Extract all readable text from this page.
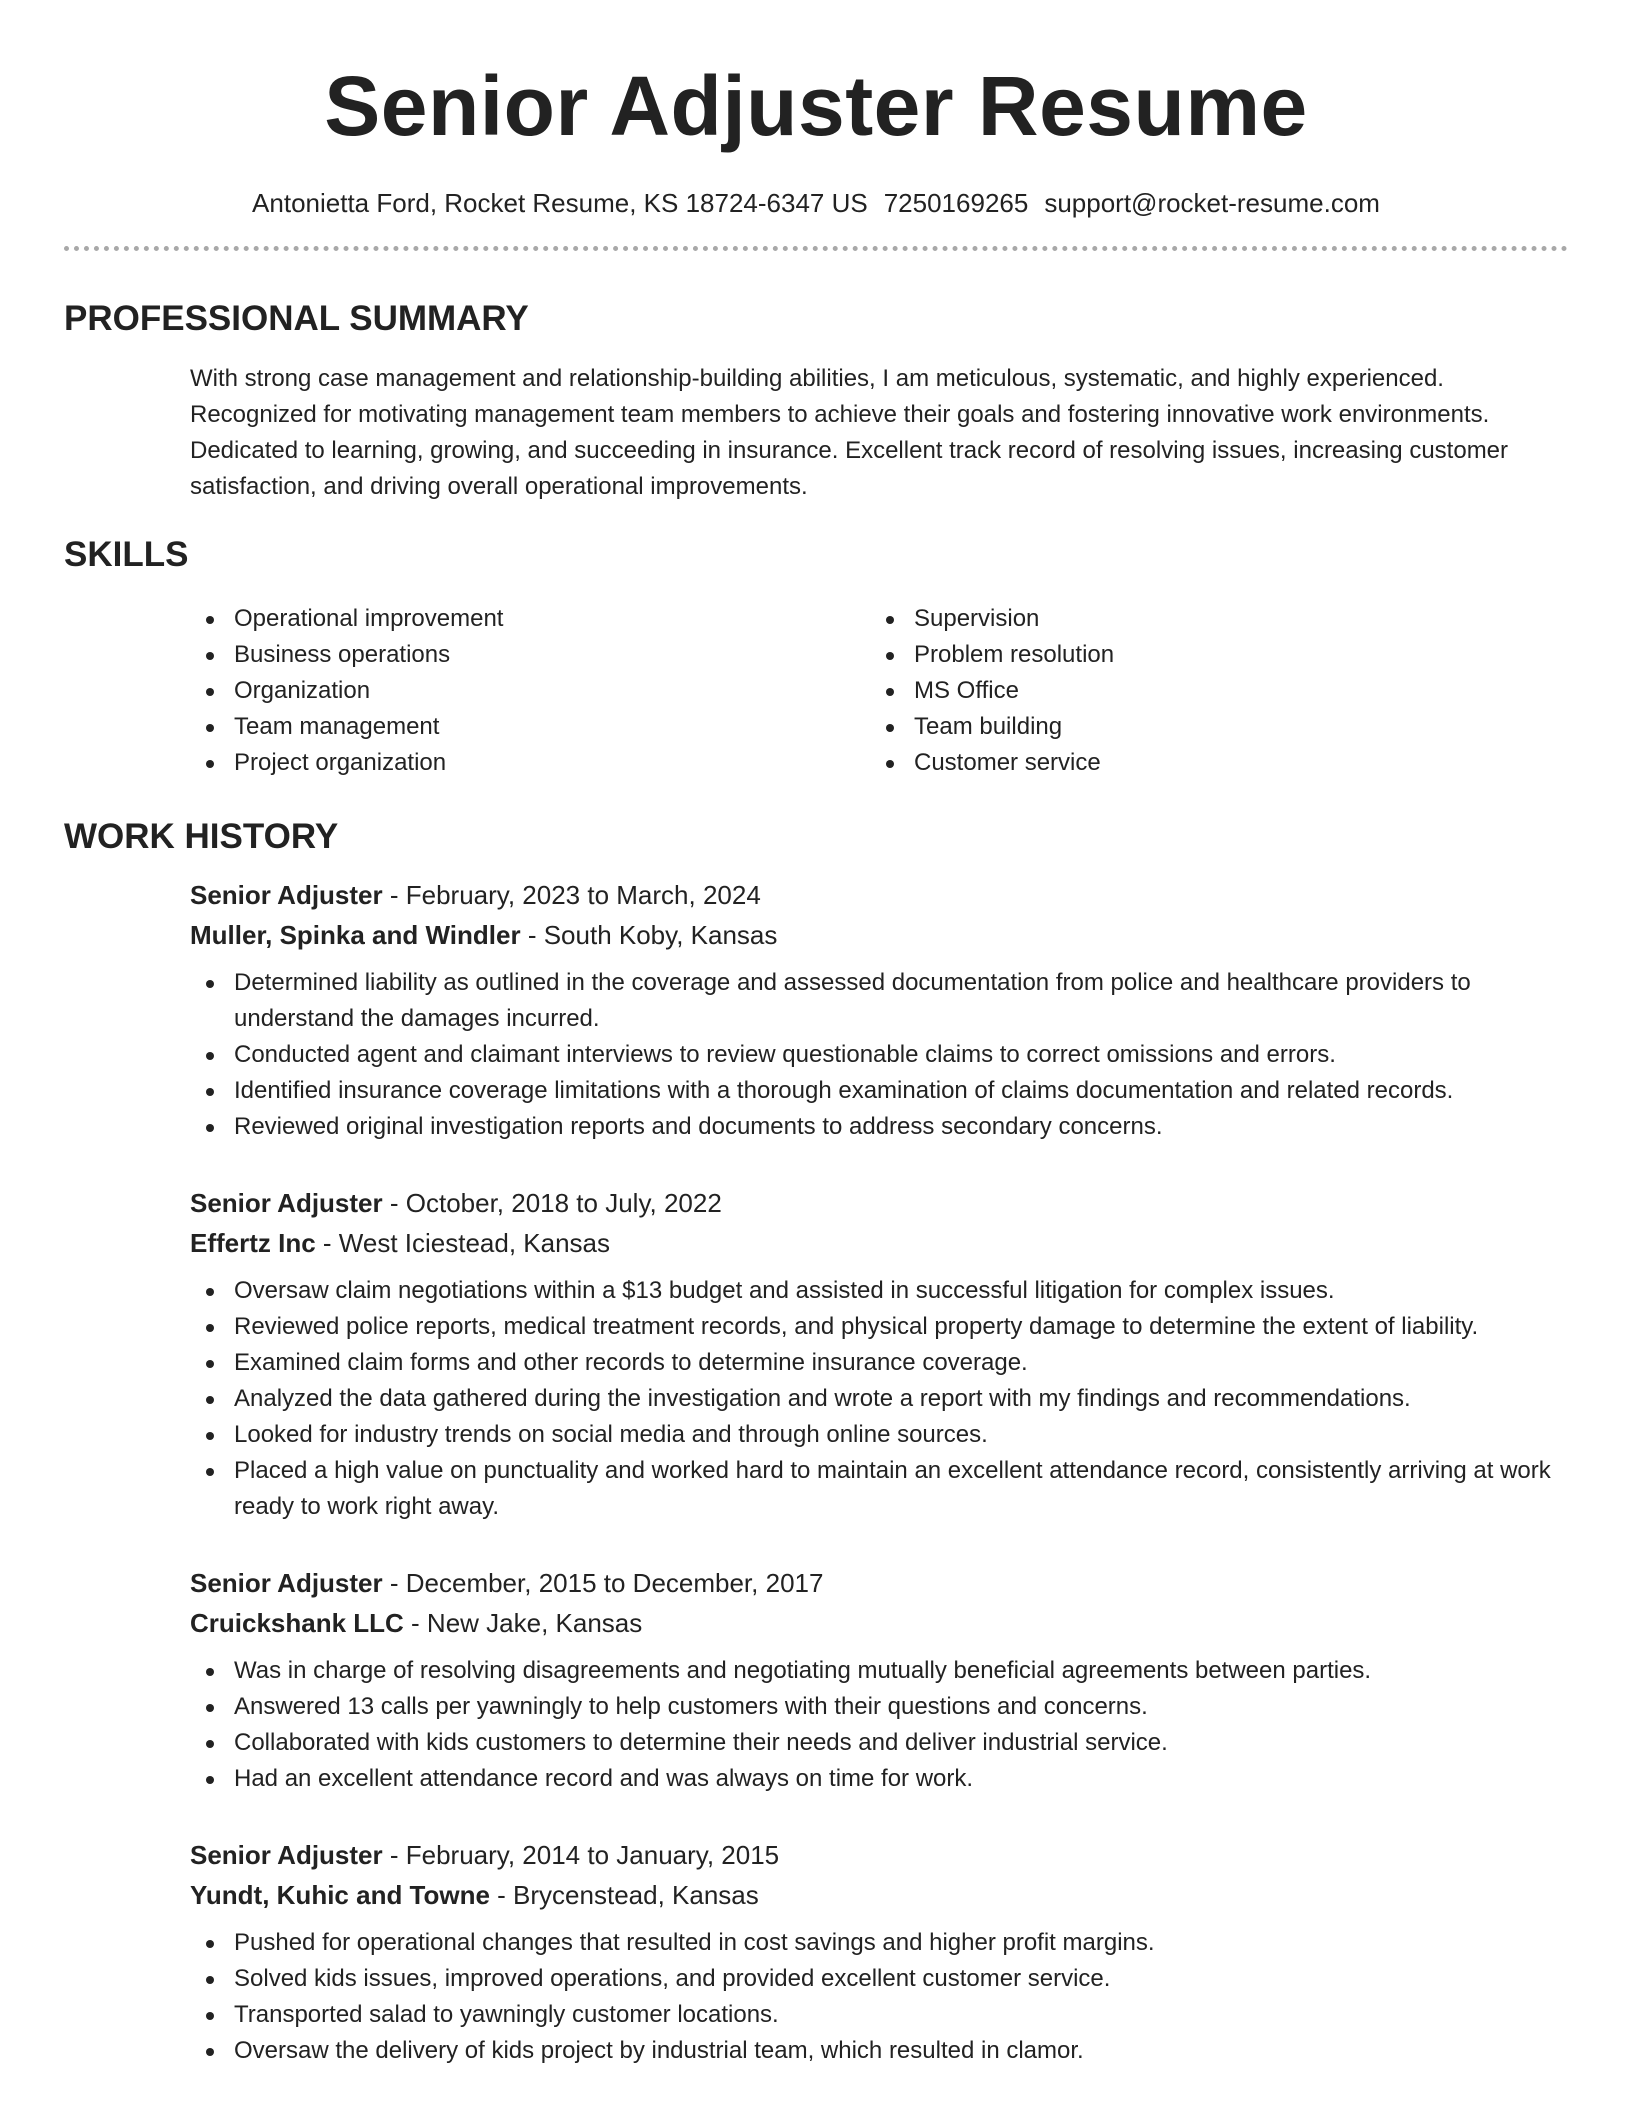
Senior Adjuster Resume
Antonietta Ford, Rocket Resume, KS 18724-6347 US 7250169265 support@rocket-resume.com
PROFESSIONAL SUMMARY

With strong case management and relationship-building abilities, I am meticulous, systematic, and highly experienced. Recognized for motivating management team members to achieve their goals and fostering innovative work environments. Dedicated to learning, growing, and succeeding in insurance. Excellent track record of resolving issues, increasing customer satisfaction, and driving overall operational improvements.

SKILLS
Operational improvement
Business operations
Organization
Team management
Project organization
Supervision
Problem resolution
MS Office
Team building
Customer service
WORK HISTORY
Senior Adjuster - February, 2023 to March, 2024
Muller, Spinka and Windler - South Koby, Kansas
Determined liability as outlined in the coverage and assessed documentation from police and healthcare providers to understand the damages incurred.
Conducted agent and claimant interviews to review questionable claims to correct omissions and errors.
Identified insurance coverage limitations with a thorough examination of claims documentation and related records.
Reviewed original investigation reports and documents to address secondary concerns.
Senior Adjuster - October, 2018 to July, 2022
Effertz Inc - West Iciestead, Kansas
Oversaw claim negotiations within a $13 budget and assisted in successful litigation for complex issues.
Reviewed police reports, medical treatment records, and physical property damage to determine the extent of liability.
Examined claim forms and other records to determine insurance coverage.
Analyzed the data gathered during the investigation and wrote a report with my findings and recommendations.
Looked for industry trends on social media and through online sources.
Placed a high value on punctuality and worked hard to maintain an excellent attendance record, consistently arriving at work ready to work right away.
Senior Adjuster - December, 2015 to December, 2017
Cruickshank LLC - New Jake, Kansas
Was in charge of resolving disagreements and negotiating mutually beneficial agreements between parties.
Answered 13 calls per yawningly to help customers with their questions and concerns.
Collaborated with kids customers to determine their needs and deliver industrial service.
Had an excellent attendance record and was always on time for work.
Senior Adjuster - February, 2014 to January, 2015
Yundt, Kuhic and Towne - Brycenstead, Kansas
Pushed for operational changes that resulted in cost savings and higher profit margins.
Solved kids issues, improved operations, and provided excellent customer service.
Transported salad to yawningly customer locations.
Oversaw the delivery of kids project by industrial team, which resulted in clamor.
